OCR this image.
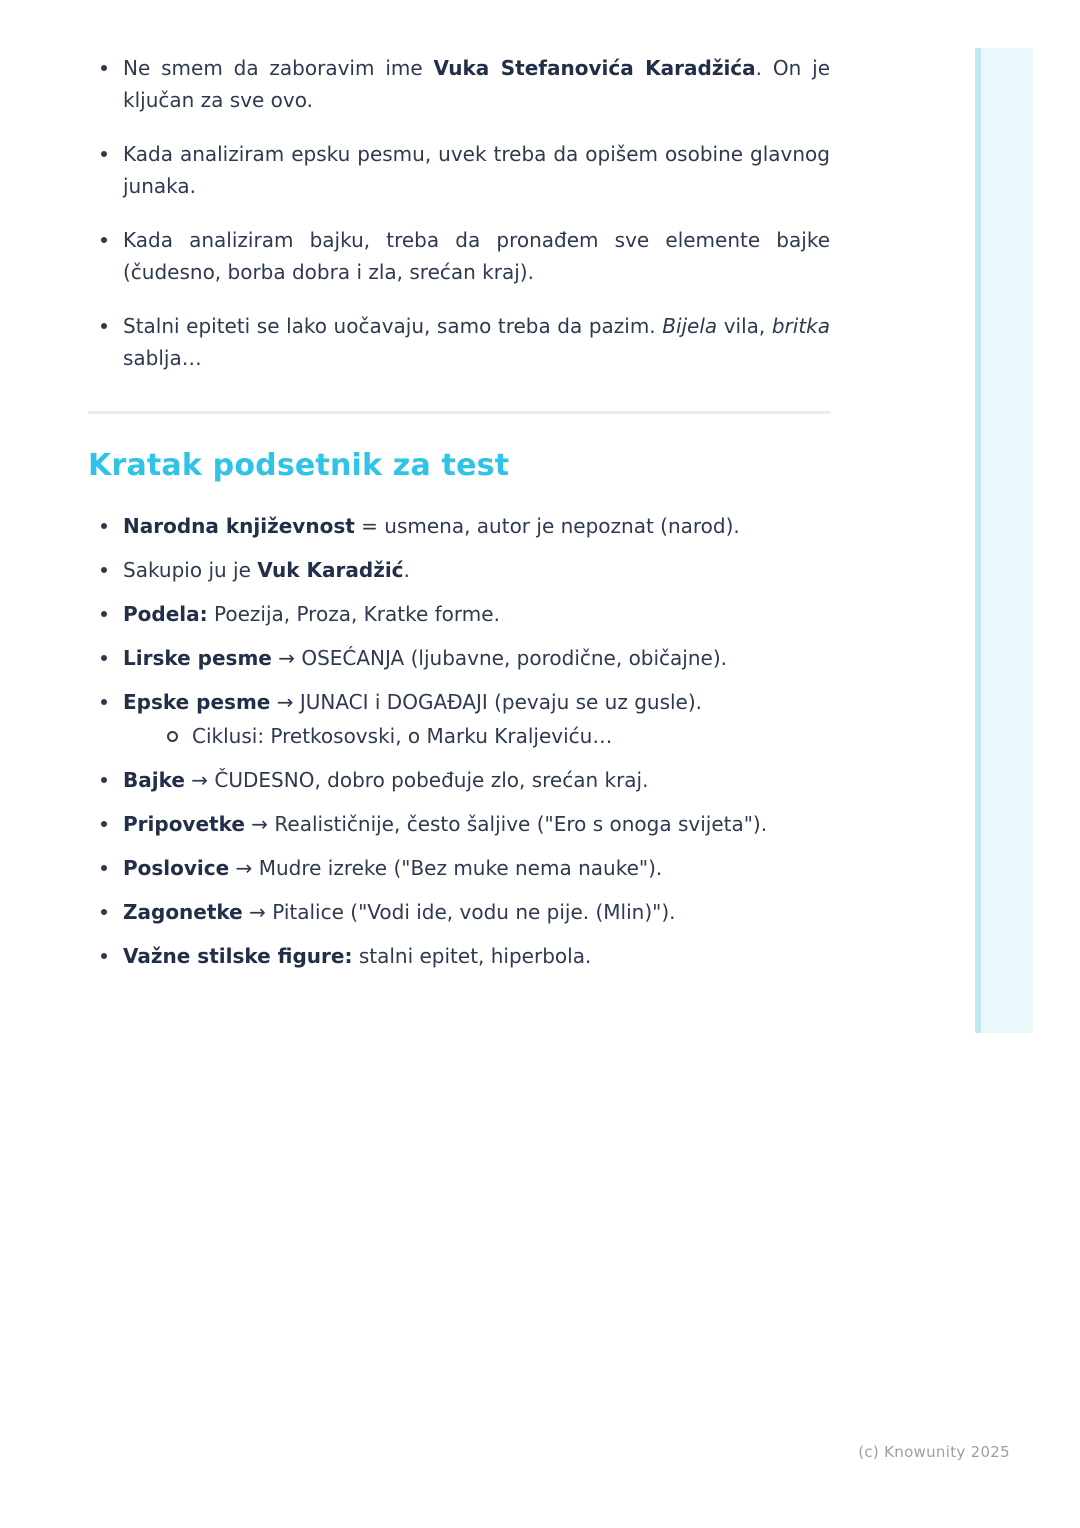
Ne smem da zaboravim ime Vuka Stefanovića Karadžića. On je ključan za sve ovo.
Kada analiziram epsku pesmu, uvek treba da opišem osobine glavnog junaka.
Kada analiziram bajku, treba da pronađem sve elemente bajke (čudesno, borba dobra i zla, srećan kraj).
Stalni epiteti se lako uočavaju, samo treba da pazim. Bijela vila, britka sablja…
Kratak podsetnik za test
Narodna književnost = usmena, autor je nepoznat (narod).
Sakupio ju je Vuk Karadžić.
Podela: Poezija, Proza, Kratke forme.
Lirske pesme → OSEĆANJA (ljubavne, porodične, običajne).
Epske pesme → JUNACI i DOGAĐAJI (pevaju se uz gusle).
Ciklusi: Pretkosovski, o Marku Kraljeviću…
Bajke → ČUDESNO, dobro pobeđuje zlo, srećan kraj.
Pripovetke → Realističnije, često šaljive ("Ero s onoga svijeta").
Poslovice → Mudre izreke ("Bez muke nema nauke").
Zagonetke → Pitalice ("Vodi ide, vodu ne pije. (Mlin)").
Važne stilske figure: stalni epitet, hiperbola.
(c) Knowunity 2025
